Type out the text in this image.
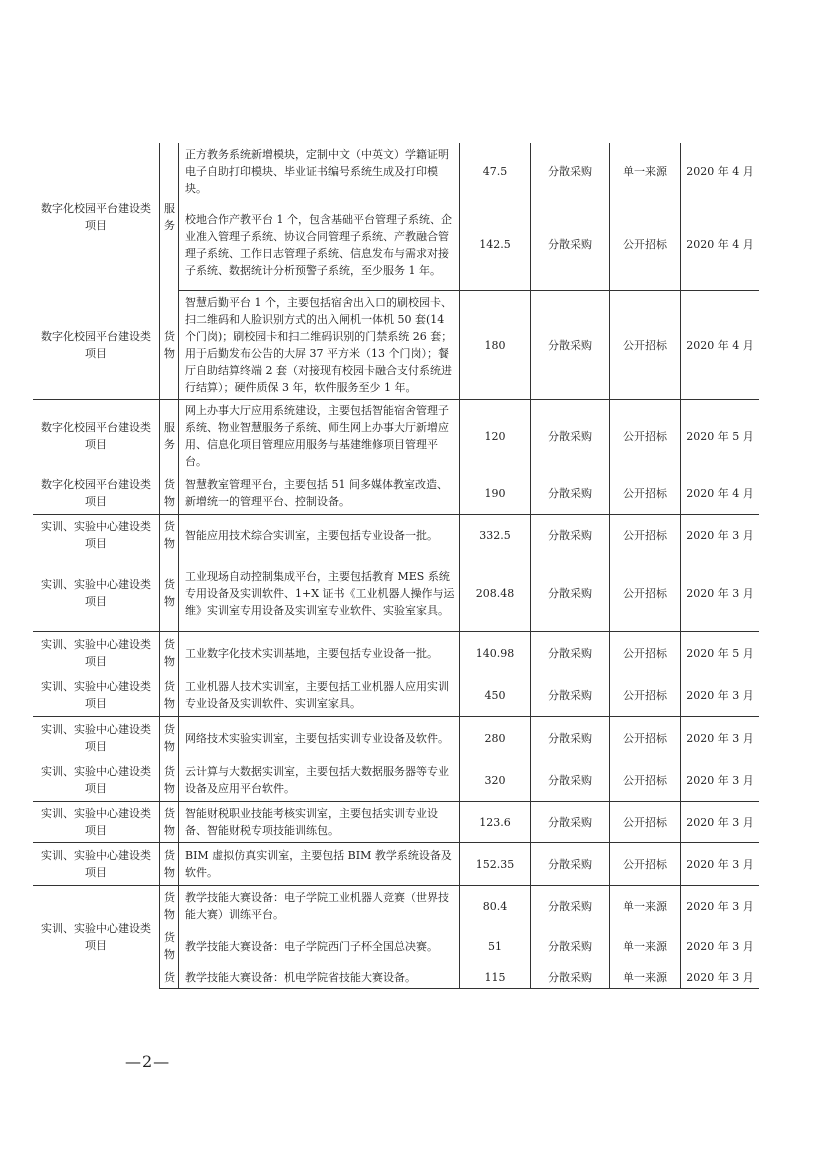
数字化校园平台建设类项目	服务	正方教务系统新增模块，定制中文（中英文）学籍证明电子自助打印模块、毕业证书编号系统生成及打印模块。	47.5	分散采购	单一来源	2020 年 4 月
		校地合作产教平台 1 个，包含基础平台管理子系统、企业准入管理子系统、协议合同管理子系统、产教融合管理子系统、工作日志管理子系统、信息发布与需求对接子系统、数据统计分析预警子系统，至少服务 1 年。	142.5	分散采购	公开招标	2020 年 4 月
数字化校园平台建设类项目	货物	智慧后勤平台 1 个，主要包括宿舍出入口的刷校园卡、扫二维码和人脸识别方式的出入闸机一体机 50 套(14 个门岗)；刷校园卡和扫二维码识别的门禁系统 26 套；用于后勤发布公告的大屏 37 平方米（13 个门岗）；餐厅自助结算终端 2 套（对接现有校园卡融合支付系统进行结算）；硬件质保 3 年，软件服务至少 1 年。	180	分散采购	公开招标	2020 年 4 月
数字化校园平台建设类项目	服务	网上办事大厅应用系统建设，主要包括智能宿舍管理子系统、物业智慧服务子系统、师生网上办事大厅新增应用、信息化项目管理应用服务与基建维修项目管理平台。	120	分散采购	公开招标	2020 年 5 月
数字化校园平台建设类项目	货物	智慧教室管理平台，主要包括 51 间多媒体教室改造、新增统一的管理平台、控制设备。	190	分散采购	公开招标	2020 年 4 月
实训、实验中心建设类项目	货物	智能应用技术综合实训室，主要包括专业设备一批。	332.5	分散采购	公开招标	2020 年 3 月
实训、实验中心建设类项目	货物	工业现场自动控制集成平台，主要包括教育 MES 系统专用设备及实训软件、1+X 证书《工业机器人操作与运维》实训室专用设备及实训室专业软件、实验室家具。	208.48	分散采购	公开招标	2020 年 3 月
实训、实验中心建设类项目	货物	工业数字化技术实训基地，主要包括专业设备一批。	140.98	分散采购	公开招标	2020 年 5 月
实训、实验中心建设类项目	货物	工业机器人技术实训室，主要包括工业机器人应用实训专业设备及实训软件、实训室家具。	450	分散采购	公开招标	2020 年 3 月
实训、实验中心建设类项目	货物	网络技术实验实训室，主要包括实训专业设备及软件。	280	分散采购	公开招标	2020 年 3 月
实训、实验中心建设类项目	货物	云计算与大数据实训室，主要包括大数据服务器等专业设备及应用平台软件。	320	分散采购	公开招标	2020 年 3 月
实训、实验中心建设类项目	货物	智能财税职业技能考核实训室，主要包括实训专业设备、智能财税专项技能训练包。	123.6	分散采购	公开招标	2020 年 3 月
实训、实验中心建设类项目	货物	BIM 虚拟仿真实训室，主要包括 BIM 教学系统设备及软件。	152.35	分散采购	公开招标	2020 年 3 月
实训、实验中心建设类项目	货物	教学技能大赛设备：电子学院工业机器人竞赛（世界技能大赛）训练平台。	80.4	分散采购	单一来源	2020 年 3 月
	货物	教学技能大赛设备：电子学院西门子杯全国总决赛。	51	分散采购	单一来源	2020 年 3 月
	货	教学技能大赛设备：机电学院省技能大赛设备。	115	分散采购	单一来源	2020 年 3 月
—2—
